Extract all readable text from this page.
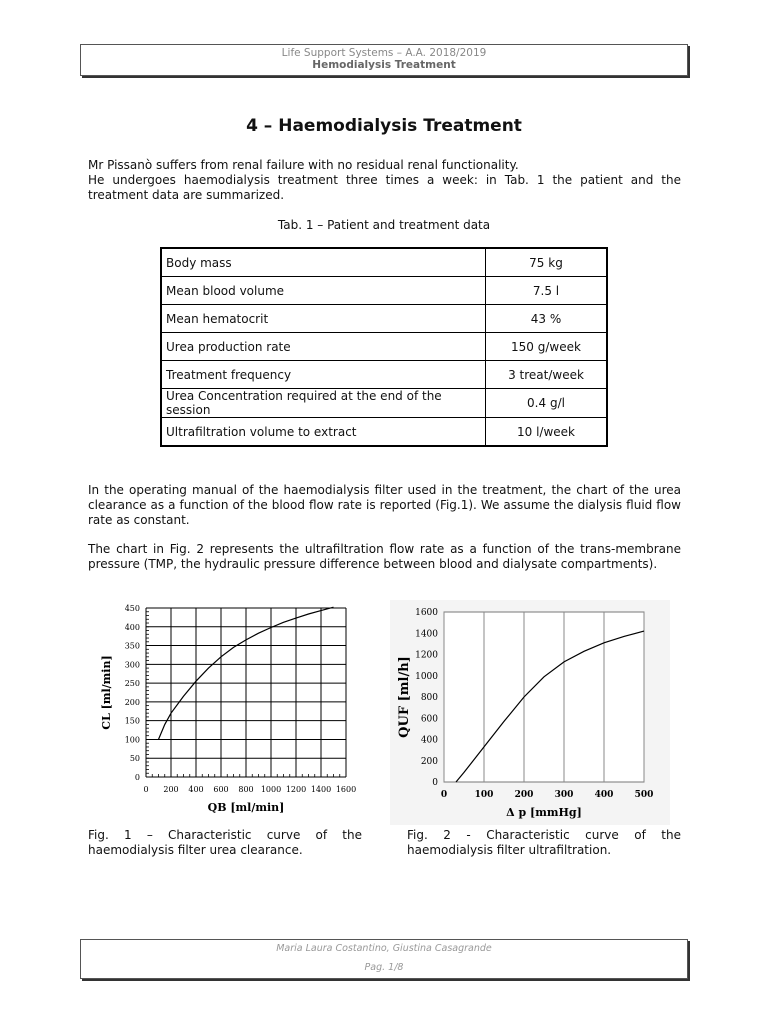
Life Support Systems – A.A. 2018/2019
Hemodialysis Treatment
4 – Haemodialysis Treatment
Mr Pissanò suffers from renal failure with no residual renal functionality.
He undergoes haemodialysis treatment three times a week: in Tab. 1 the patient and the treatment data are summarized.
Tab. 1 – Patient and treatment data
Body mass	75 kg
Mean blood volume	7.5 l
Mean hematocrit	43 %
Urea production rate	150 g/week
Treatment frequency	3 treat/week
Urea Concentration required at the end of the session	0.4 g/l
Ultrafiltration volume to extract	10 l/week
In the operating manual of the haemodialysis filter used in the treatment, the chart of the urea clearance as a function of the blood flow rate is reported (Fig.1). We assume the dialysis fluid flow rate as constant.
The chart in Fig. 2 represents the ultrafiltration flow rate as a function of the trans-membrane pressure (TMP, the hydraulic pressure difference between blood and dialysate compartments).
0
50
100
150
200
250
300
350
400
450
0 200 400 600 800 1000 1200 1400 1600
CL [ml/min]
QB [ml/min]
0
200
400
600
800
1000
1200
1400
1600
0	100 200 300 400 500
QUF [ml/h]
Δ p [mmHg]
Fig. 1 – Characteristic curve of the haemodialysis filter urea clearance.
Fig. 2 - Characteristic curve of the haemodialysis filter ultrafiltration.
Maria Laura Costantino, Giustina Casagrande
Pag. 1/8
